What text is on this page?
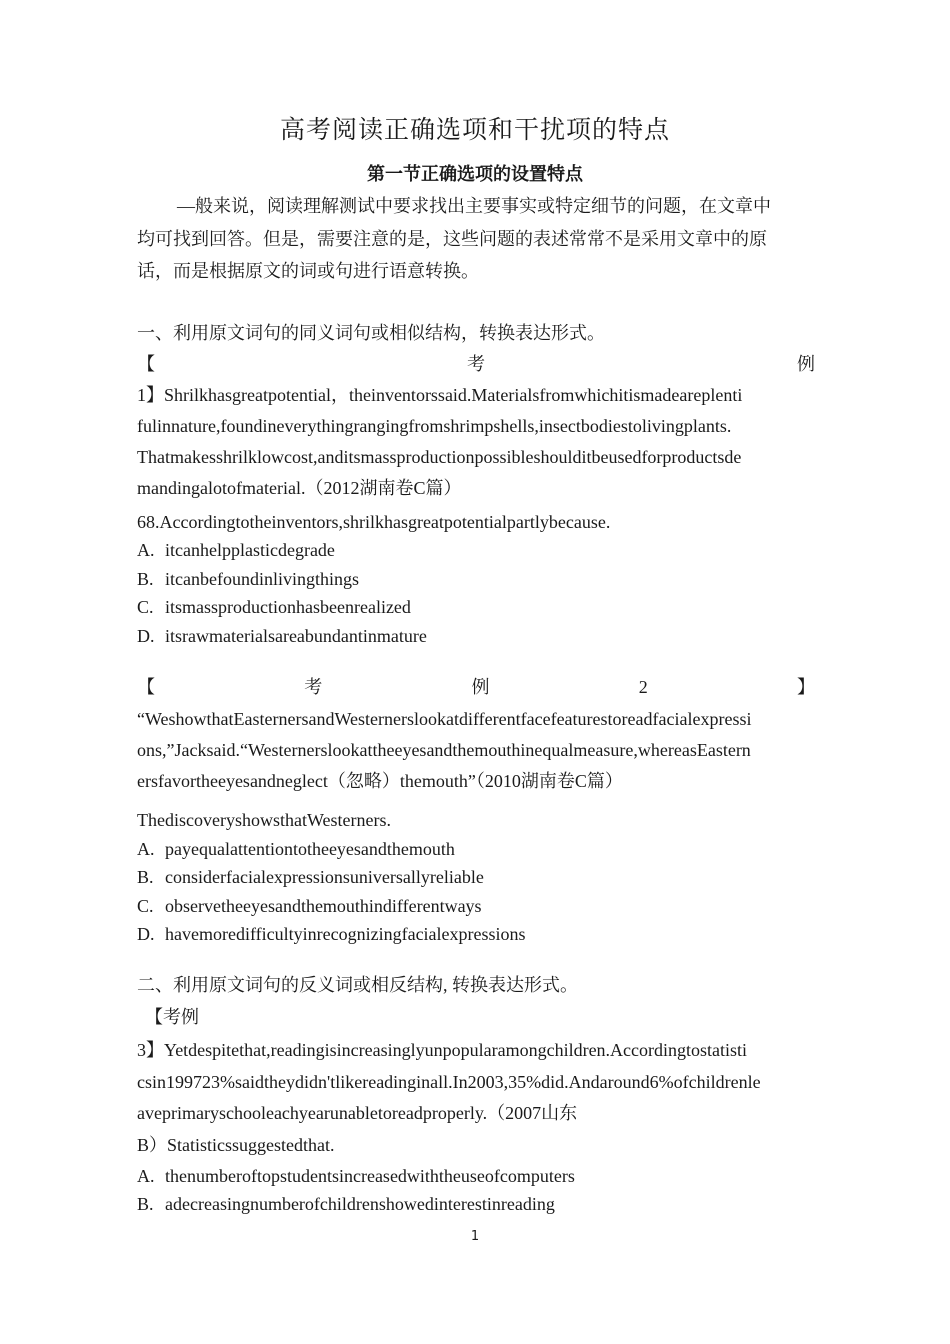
高考阅读正确选项和干扰项的特点
第一节正确选项的设置特点
—般来说，阅读理解测试中要求找出主要事实或特定细节的问题，在文章中
均可找到回答。但是，需要注意的是，这些问题的表述常常不是采用文章中的原
话，而是根据原文的词或句进行语意转换。
一、利用原文词句的同义词句或相似结构，转换表达形式。
【	考	例
1】Shrilkhasgreatpotential，theinventorssaid.Materialsfromwhichitismadeareplenti
fulinnature,foundineverythingrangingfromshrimpshells,insectbodiestolivingplants.
Thatmakesshrilklowcost,anditsmassproductionpossibleshoulditbeusedforproductsde
mandingalotofmaterial.（2012湖南卷C篇）
68.Accordingtotheinventors,shrilkhasgreatpotentialpartlybecause.
A. itcanhelpplasticdegrade
B. itcanbefoundinlivingthings
C. itsmassproductionhasbeenrealized
D. itsrawmaterialsareabundantinmature
【	考	例	2	】
“WeshowthatEasternersandWesternerslookatdifferentfacefeaturestoreadfacialexpressi
ons,”Jacksaid.“Westernerslookattheeyesandthemouthinequalmeasure,whereasEastern
ersfavortheeyesandneglect（忽略）themouth”（2010湖南卷C篇）
ThediscoveryshowsthatWesterners.
A. payequalattentiontotheeyesandthemouth
B. considerfacialexpressionsuniversallyreliable
C. observetheeyesandthemouthindifferentways
D. havemoredifficultyinrecognizingfacialexpressions
二、利用原文词句的反义词或相反结构, 转换表达形式。
【考例
3】Yetdespitethat,readingisincreasinglyunpopularamongchildren.Accordingtostatisti
csin199723%saidtheydidn'tlikereadinginall.In2003,35%did.Andaround6%ofchildrenle
aveprimaryschooleachyearunabletoreadproperly.（2007山东
B）Statisticssuggestedthat.
A. thenumberoftopstudentsincreasedwiththeuseofcomputers
B. adecreasingnumberofchildrenshowedinterestinreading
1
